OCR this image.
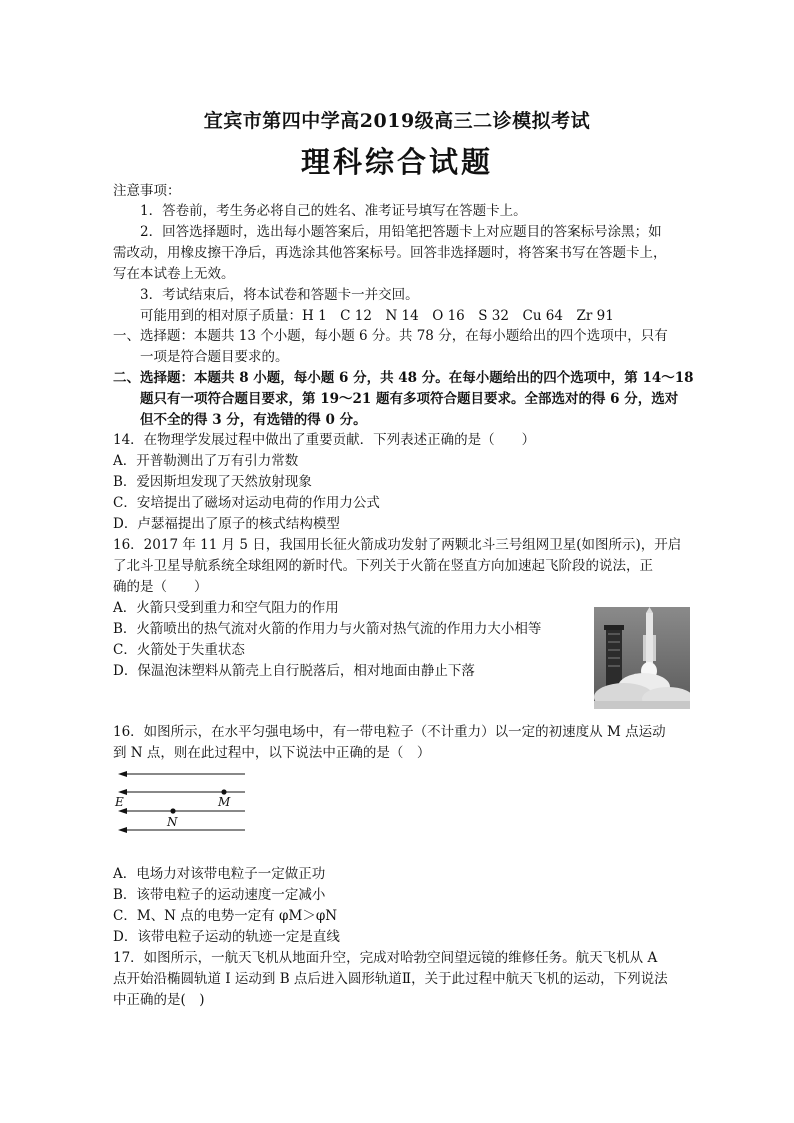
宜宾市第四中学高2019级高三二诊模拟考试
理科综合试题
注意事项：
1．答卷前，考生务必将自己的姓名、准考证号填写在答题卡上。
2．回答选择题时，选出每小题答案后，用铅笔把答题卡上对应题目的答案标号涂黑；如
需改动，用橡皮擦干净后，再选涂其他答案标号。回答非选择题时，将答案书写在答题卡上，
写在本试卷上无效。
3．考试结束后，将本试卷和答题卡一并交回。
可能用到的相对原子质量：H 1　C 12　N 14　O 16　S 32　Cu 64　Zr 91
一、选择题：本题共 13 个小题，每小题 6 分。共 78 分，在每小题给出的四个选项中，只有
一项是符合题目要求的。
二、选择题：本题共 8 小题，每小题 6 分，共 48 分。在每小题给出的四个选项中，第 14～18
题只有一项符合题目要求，第 19～21 题有多项符合题目要求。全部选对的得 6 分，选对
但不全的得 3 分，有选错的得 0 分。
14．在物理学发展过程中做出了重要贡献．下列表述正确的是（　　）
A．开普勒测出了万有引力常数
B．爱因斯坦发现了天然放射现象
C．安培提出了磁场对运动电荷的作用力公式
D．卢瑟福提出了原子的核式结构模型
16．2017 年 11 月 5 日，我国用长征火箭成功发射了两颗北斗三号组网卫星(如图所示)，开启
了北斗卫星导航系统全球组网的新时代。下列关于火箭在竖直方向加速起飞阶段的说法，正
确的是（　　）
A．火箭只受到重力和空气阻力的作用
B．火箭喷出的热气流对火箭的作用力与火箭对热气流的作用力大小相等
C．火箭处于失重状态
D．保温泡沫塑料从箭壳上自行脱落后，相对地面由静止下落
16．如图所示，在水平匀强电场中，有一带电粒子（不计重力）以一定的初速度从 M 点运动
到 N 点，则在此过程中，以下说法中正确的是（　）
E	M
N
A．电场力对该带电粒子一定做正功
B．该带电粒子的运动速度一定减小
C．M、N 点的电势一定有 φM＞φN
D．该带电粒子运动的轨迹一定是直线
17．如图所示，一航天飞机从地面升空，完成对哈勃空间望远镜的维修任务。航天飞机从 A
点开始沿椭圆轨道 I 运动到 B 点后进入圆形轨道Ⅱ，关于此过程中航天飞机的运动，下列说法
中正确的是(　)
